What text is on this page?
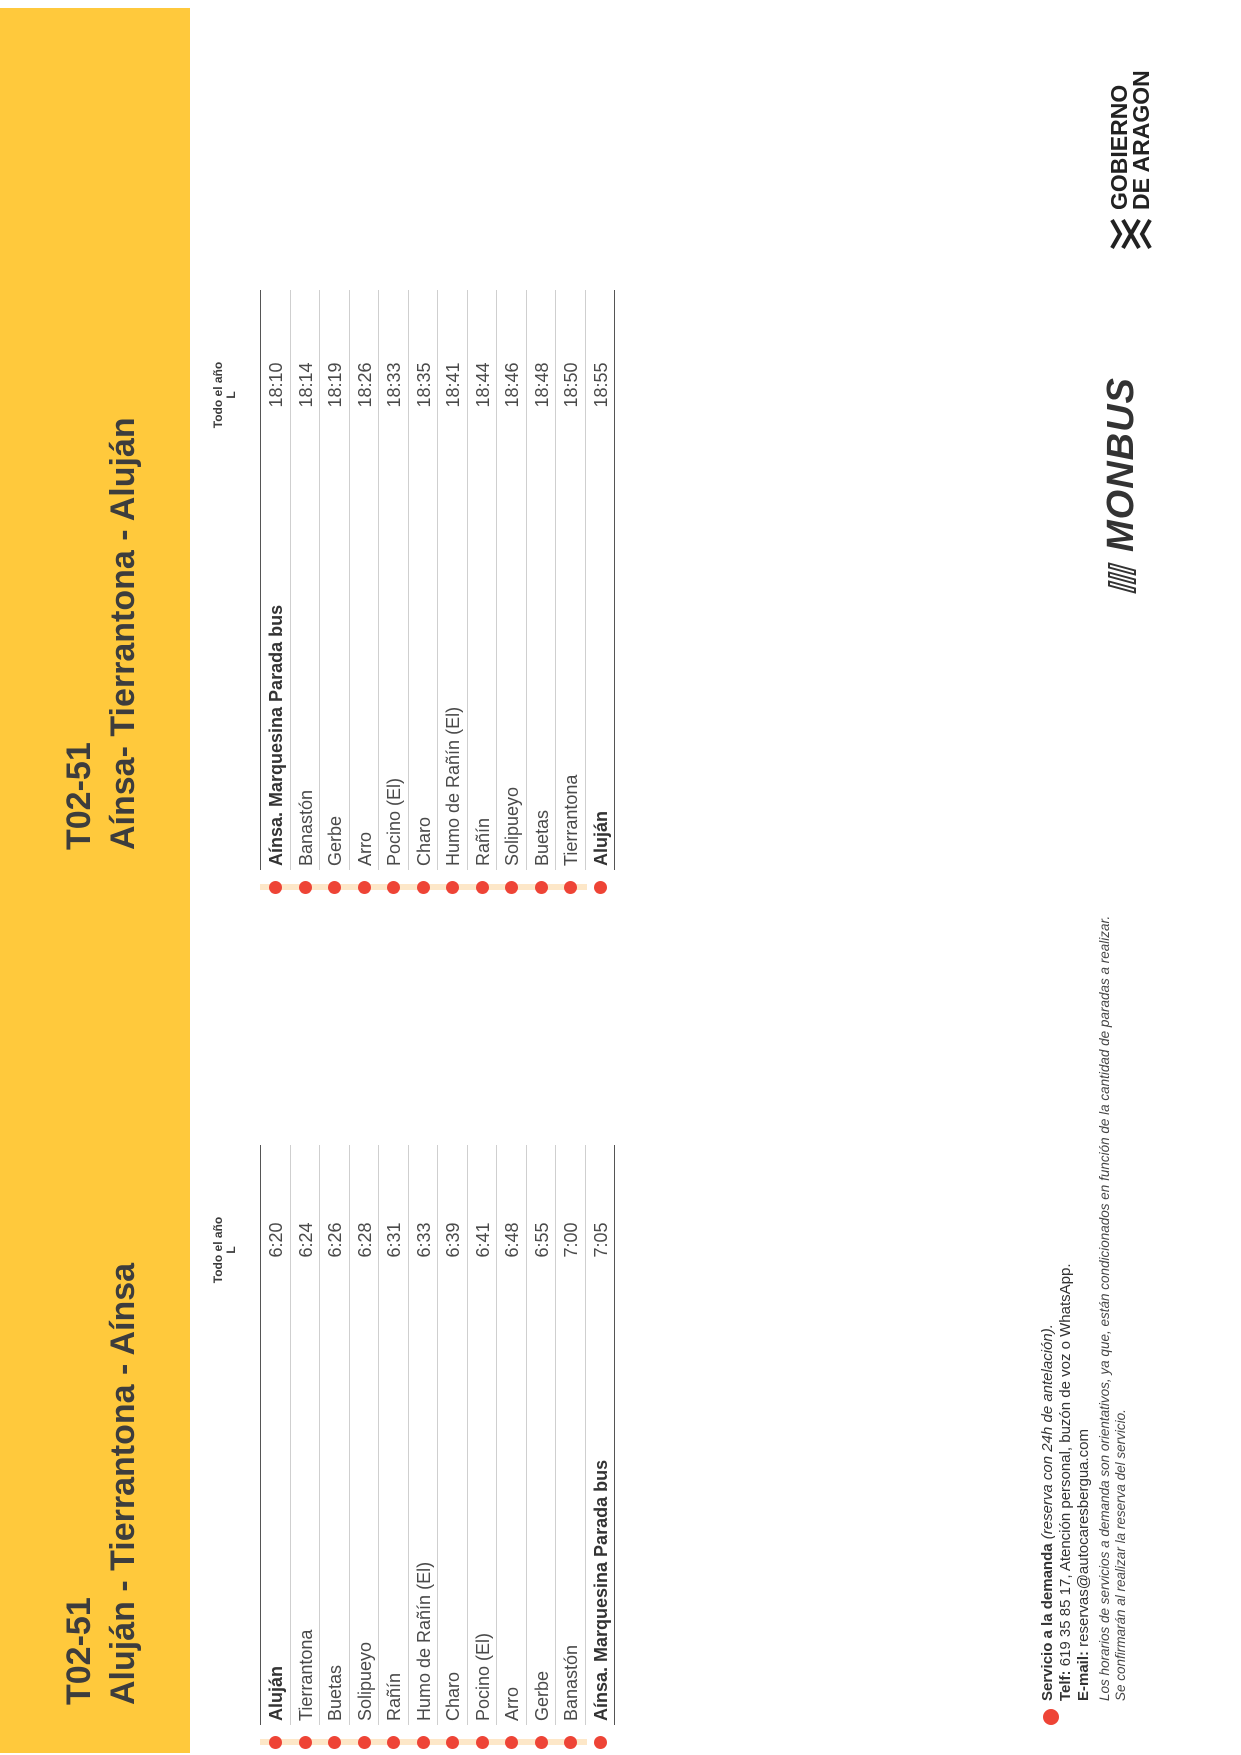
T02-51 Aluján - Tierrantona - Aínsa
Todo el año L
Aluján
6:20
Tierrantona
6:24
Buetas
6:26
Solipueyo
6:28
Rañín
6:31
Humo de Rañín (El)
6:33
Charo
6:39
Pocino (El)
6:41
Arro
6:48
Gerbe
6:55
Banastón
7:00
Aínsa. Marquesina Parada bus
7:05
T02-51 Aínsa- Tierrantona - Aluján
Todo el año L
Aínsa. Marquesina Parada bus
18:10
Banastón
18:14
Gerbe
18:19
Arro
18:26
Pocino (El)
18:33
Charo
18:35
Humo de Rañín (El)
18:41
Rañín
18:44
Solipueyo
18:46
Buetas
18:48
Tierrantona
18:50
Aluján
18:55
Servicio a la demanda (reserva con 24h de antelación).
Telf: 619 35 85 17, Atención personal, buzón de voz o WhatsApp.
E-mail: reservas@autocaresbergua.com Los horarios de servicios a demanda son orientativos, ya que, están condicionados en función de la cantidad de paradas a realizar. Se confirmarán al realizar la reserva del servicio.
MONBUS
GOBIERNO
DE ARAGON
